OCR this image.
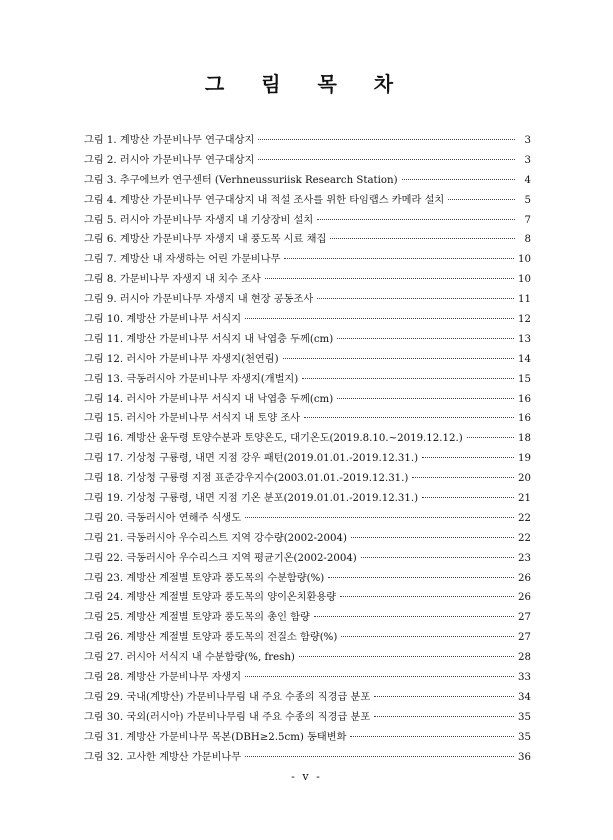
그 림 목 차
그림 1. 계방산 가문비나무 연구대상지	3
그림 2. 러시아 가문비나무 연구대상지	3
그림 3. 추구에브카 연구센터 (Verhneussuriisk Research Station)	4
그림 4. 계방산 가문비나무 연구대상지 내 적설 조사를 위한 타임랩스 카메라 설치	5
그림 5. 러시아 가문비나무 자생지 내 기상장비 설치	7
그림 6. 계방산 가문비나무 자생지 내 풍도목 시료 채집	8
그림 7. 계방산 내 자생하는 어린 가문비나무	10
그림 8. 가문비나무 자생지 내 치수 조사	10
그림 9. 러시아 가문비나무 자생지 내 현장 공동조사	11
그림 10. 계방산 가문비나무 서식지	12
그림 11. 계방산 가문비나무 서식지 내 낙엽층 두께(cm)	13
그림 12. 러시아 가문비나무 자생지(천연림)	14
그림 13. 극동러시아 가문비나무 자생지(개벌지)	15
그림 14. 러시아 가문비나무 서식지 내 낙엽층 두께(cm)	16
그림 15. 러시아 가문비나무 서식지 내 토양 조사	16
그림 16. 계방산 윤두령 토양수분과 토양온도, 대기온도(2019.8.10.~2019.12.12.)	18
그림 17. 기상청 구룡령, 내면 지점 강우 패턴(2019.01.01.-2019.12.31.)	19
그림 18. 기상청 구룡령 지점 표준강우지수(2003.01.01.-2019.12.31.)	20
그림 19. 기상청 구룡령, 내면 지점 기온 분포(2019.01.01.-2019.12.31.)	21
그림 20. 극동러시아 연해주 식생도	22
그림 21. 극동러시아 우수리스트 지역 강수량(2002-2004)	22
그림 22. 극동러시아 우수리스크 지역 평균기온(2002-2004)	23
그림 23. 계방산 계절별 토양과 풍도목의 수분함량(%)	26
그림 24. 계방산 계절별 토양과 풍도목의 양이온치환용량	26
그림 25. 계방산 계절별 토양과 풍도목의 총인 함량	27
그림 26. 계방산 계절별 토양과 풍도목의 전질소 함량(%)	27
그림 27. 러시아 서식지 내 수분함량(%, fresh)	28
그림 28. 계방산 가문비나무 자생지	33
그림 29. 국내(계방산) 가문비나무림 내 주요 수종의 직경급 분포	34
그림 30. 국외(러시아) 가문비나무림 내 주요 수종의 직경급 분포	35
그림 31. 계방산 가문비나무 목본(DBH≥2.5cm) 동태변화	35
그림 32. 고사한 계방산 가문비나무	36
- v -
